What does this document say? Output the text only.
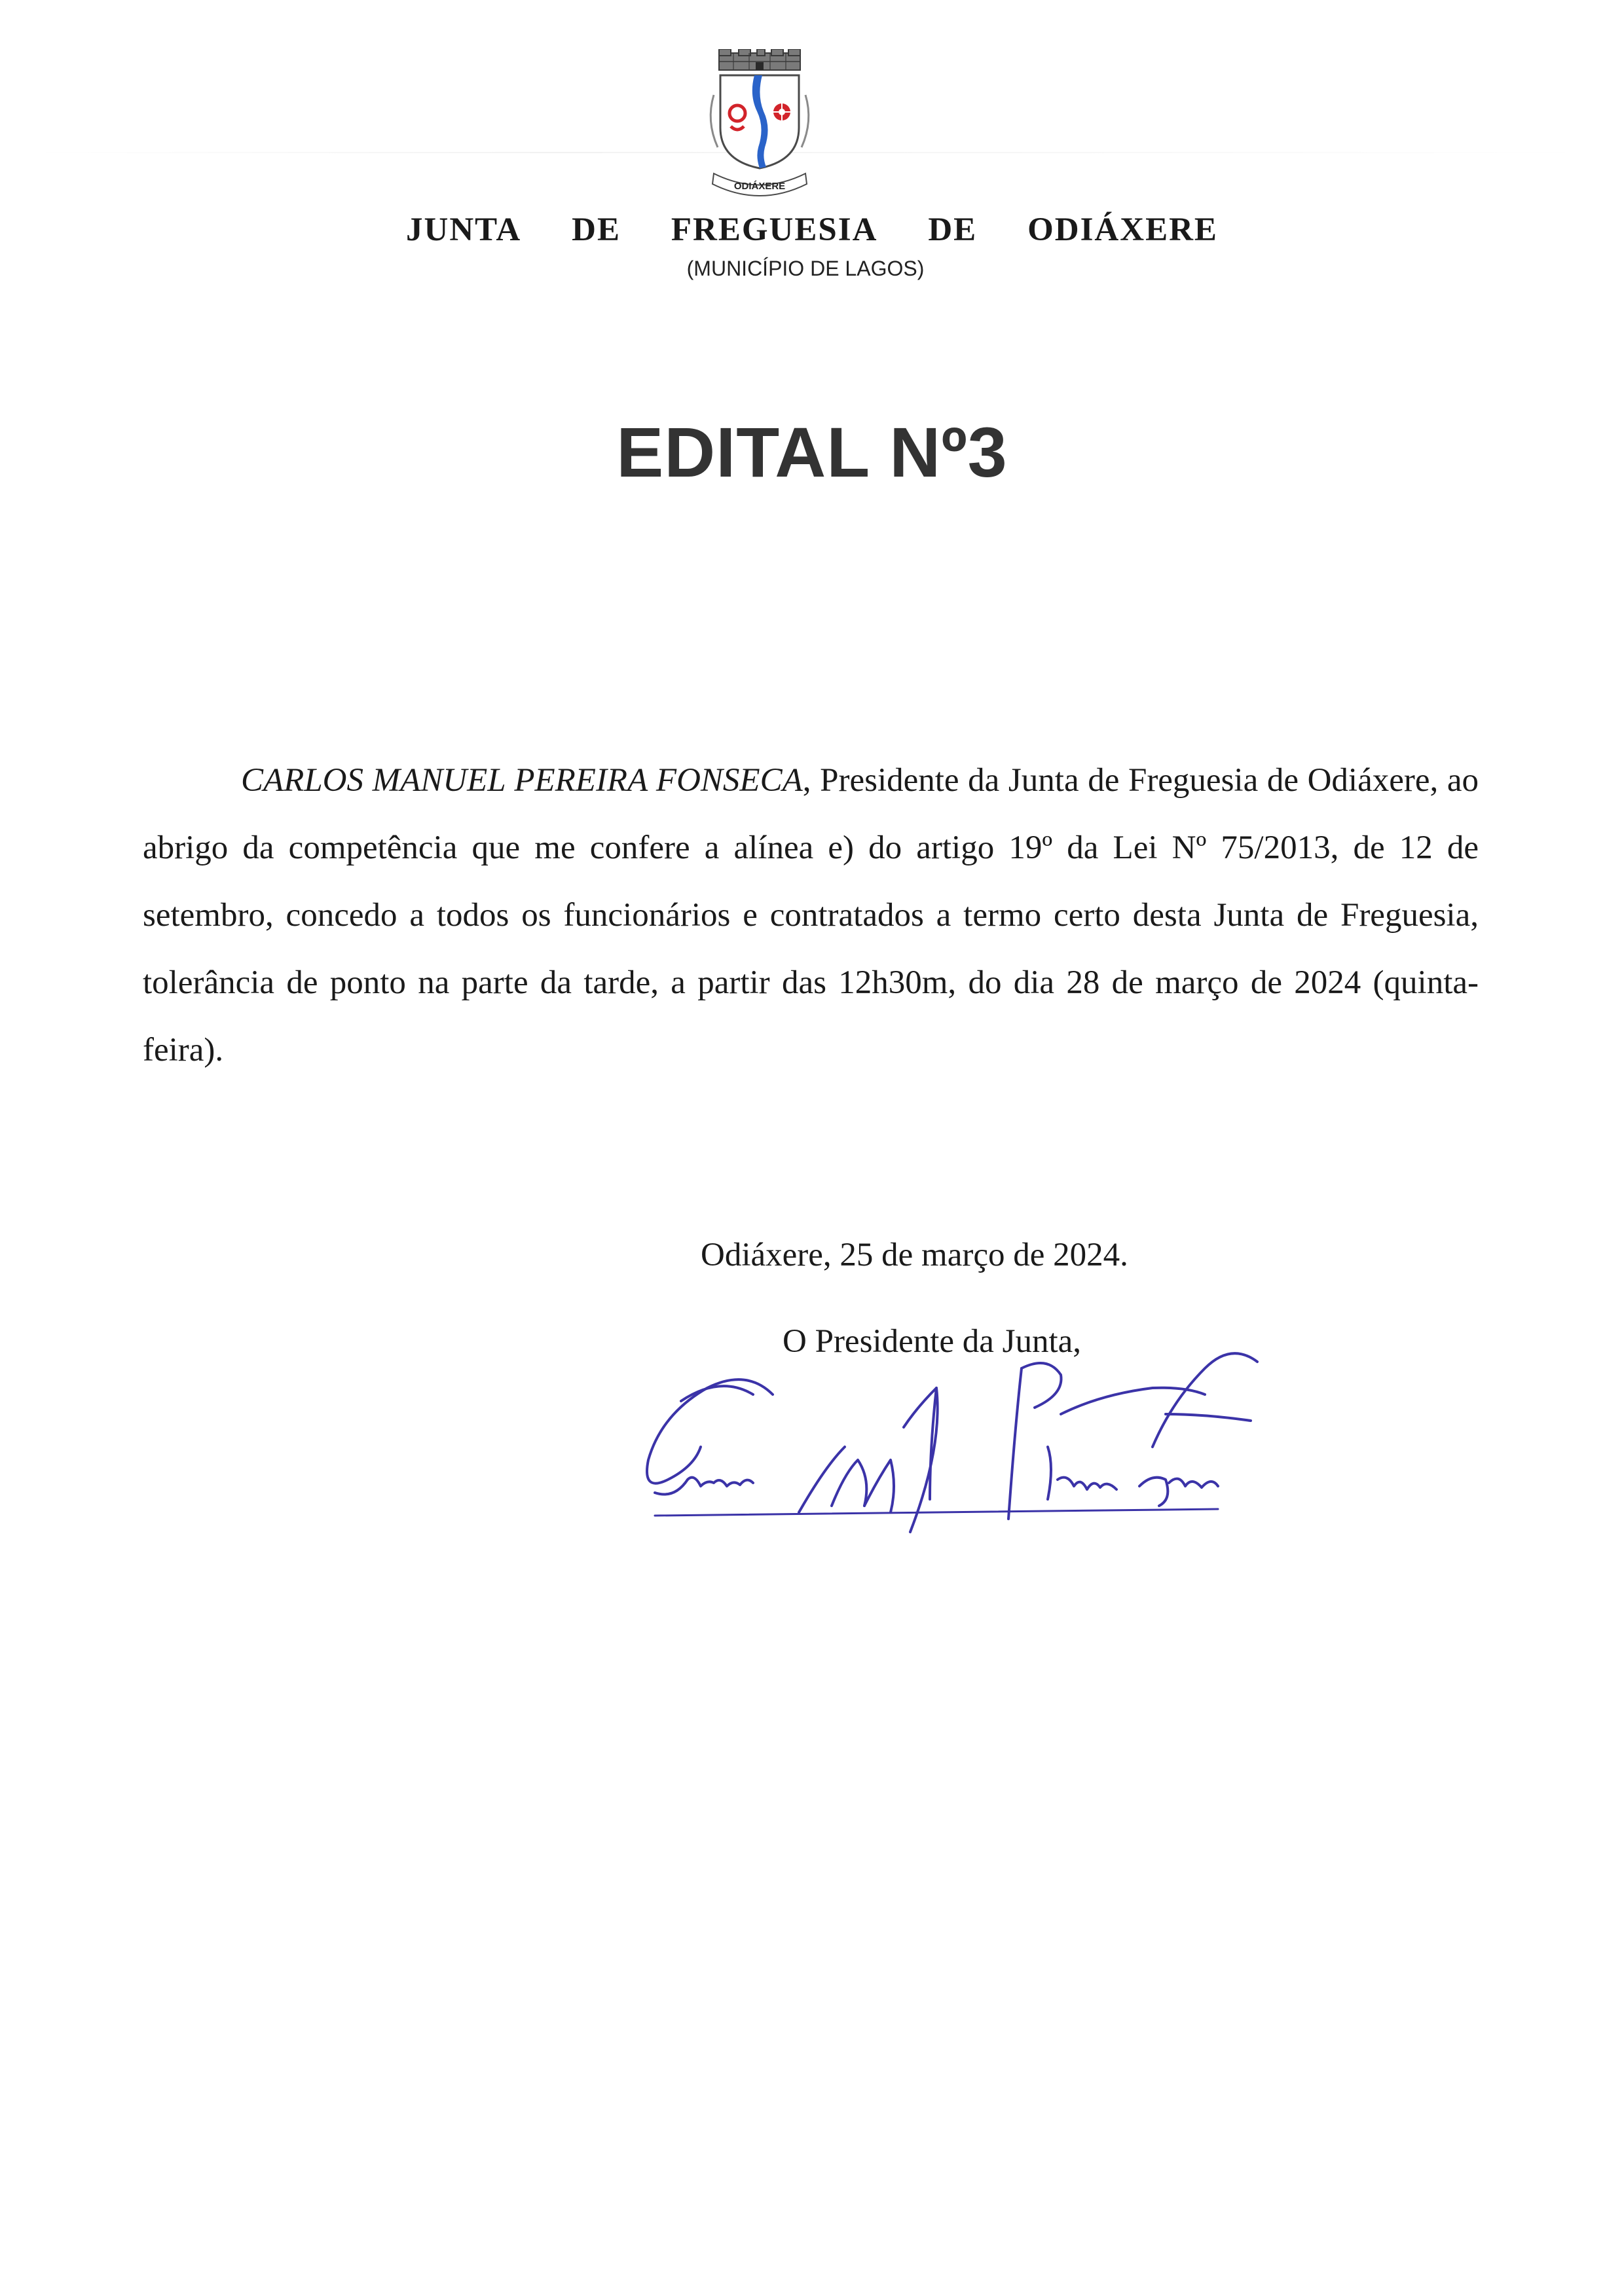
ODIÁXERE
JUNTA DE FREGUESIA DE ODIÁXERE
(MUNICÍPIO DE LAGOS)
EDITAL Nº3

CARLOS MANUEL PEREIRA FONSECA, Presidente da Junta de Freguesia de Odiáxere, ao abrigo da competência que me confere a alínea e) do artigo 19º da Lei Nº 75/2013, de 12 de setembro, concedo a todos os funcionários e contratados a termo certo desta Junta de Freguesia, tolerância de ponto na parte da tarde, a partir das 12h30m, do dia 28 de março de 2024 (quinta-feira).

Odiáxere, 25 de março de 2024.
O Presidente da Junta,
